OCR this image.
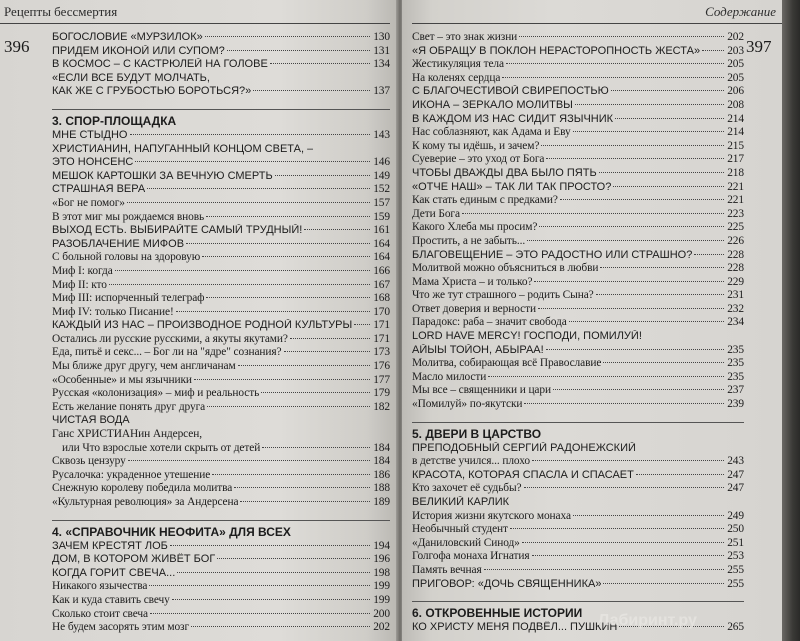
Рецепты бессмертия
396 БОГОСЛОВИЕ «МУРЗИЛОК»	130
ПРИДЕМ ИКОНОЙ ИЛИ СУПОМ?	131
В КОСМОС – С КАСТРЮЛЕЙ НА ГОЛОВЕ	134
«ЕСЛИ ВСЕ БУДУТ МОЛЧАТЬ,
КАК ЖЕ С ГРУБОСТЬЮ БОРОТЬСЯ?»	137
3. СПОР-ПЛОЩАДКА
МНЕ СТЫДНО	143
ХРИСТИАНИН, НАПУГАННЫЙ КОНЦОМ СВЕТА, –
ЭТО НОНСЕНС	146
МЕШОК КАРТОШКИ ЗА ВЕЧНУЮ СМЕРТЬ	149
СТРАШНАЯ ВЕРА	152
«Бог не помог»	157
В этот миг мы рождаемся вновь	159
ВЫХОД ЕСТЬ. ВЫБИРАЙТЕ САМЫЙ ТРУДНЫЙ!	161
РАЗОБЛАЧЕНИЕ МИФОВ	164
С больной головы на здоровую	164
Миф I: когда	166
Миф II: кто	167
Миф III: испорченный телеграф	168
Миф IV: только Писание!	170
КАЖДЫЙ ИЗ НАС – ПРОИЗВОДНОЕ РОДНОЙ КУЛЬТУРЫ 171
Остались ли русские русскими, а якуты якутами?	171
Еда, питьё и секс... – Бог ли на "ядре" сознания?	173
Мы ближе друг другу, чем англичанам	176
«Особенные» и мы язычники	177
Русская «колонизация» – миф и реальность	179
Есть желание понять друг друга	182
ЧИСТАЯ ВОДА
Ганс ХРИСТИАНин Андерсен,
или Что взрослые хотели скрыть от детей	184
Сквозь цензуру	184
Русалочка: украденное утешение	186
Снежную королеву победила молитва	188
«Культурная революция» за Андерсена	189
4. «СПРАВОЧНИК НЕОФИТА» ДЛЯ ВСЕХ
ЗАЧЕМ КРЕСТЯТ ЛОБ	194
ДОМ, В КОТОРОМ ЖИВЁТ БОГ	196
КОГДА ГОРИТ СВЕЧА...	198
Никакого язычества	199
Как и куда ставить свечу	199
Сколько стоит свеча	200
Не будем засорять этим мозг	202
Содержание
397
Свет – это знак жизни	202
«Я ОБРАЩУ В ПОКЛОН НЕРАСТОРОПНОСТЬ ЖЕСТА» 203
Жестикуляция тела	205
На коленях сердца	205
С БЛАГОЧЕСТИВОЙ СВИРЕПОСТЬЮ	206
ИКОНА – ЗЕРКАЛО МОЛИТВЫ	208
В КАЖДОМ ИЗ НАС СИДИТ ЯЗЫЧНИК	214
Нас соблазняют, как Адама и Еву	214
К кому ты идёшь, и зачем?	215
Суеверие – это уход от Бога	217
ЧТОБЫ ДВАЖДЫ ДВА БЫЛО ПЯТЬ	218
«ОТЧЕ НАШ» – ТАК ЛИ ТАК ПРОСТО?	221
Как стать единым с предками?	221
Дети Бога	223
Какого Хлеба мы просим?	225
Простить, а не забыть...	226
БЛАГОВЕЩЕНИЕ – ЭТО РАДОСТНО ИЛИ СТРАШНО?	228
Молитвой можно объясниться в любви	228
Мама Христа – и только?	229
Что же тут страшного – родить Сына?	231
Ответ доверия и верности	232
Парадокс: раба – значит свобода	234
LORD HAVE MERCY! ГОСПОДИ, ПОМИЛУЙ!
АЙЫЫ ТОЙОН, АБЫРАА!	235
Молитва, собирающая всё Православие	235
Масло милости	235
Мы все – священники и цари	237
«Помилуй» по-якутски	239
5. ДВЕРИ В ЦАРСТВО
ПРЕПОДОБНЫЙ СЕРГИЙ РАДОНЕЖСКИЙ
в детстве учился... плохо	243
КРАСОТА, КОТОРАЯ СПАСЛА И СПАСАЕТ	247
Кто захочет её судьбы?	247
ВЕЛИКИЙ КАРЛИК
История жизни якутского монаха	249
Необычный студент	250
«Даниловский Синод»	251
Голгофа монаха Игнатия	253
Память вечная	255
ПРИГОВОР: «ДОЧЬ СВЯЩЕННИКА»	255
6. ОТКРОВЕННЫЕ ИСТОРИИ
КО ХРИСТУ МЕНЯ ПОДВЁЛ... ПУШКИН	265
Лабиринт.ру
